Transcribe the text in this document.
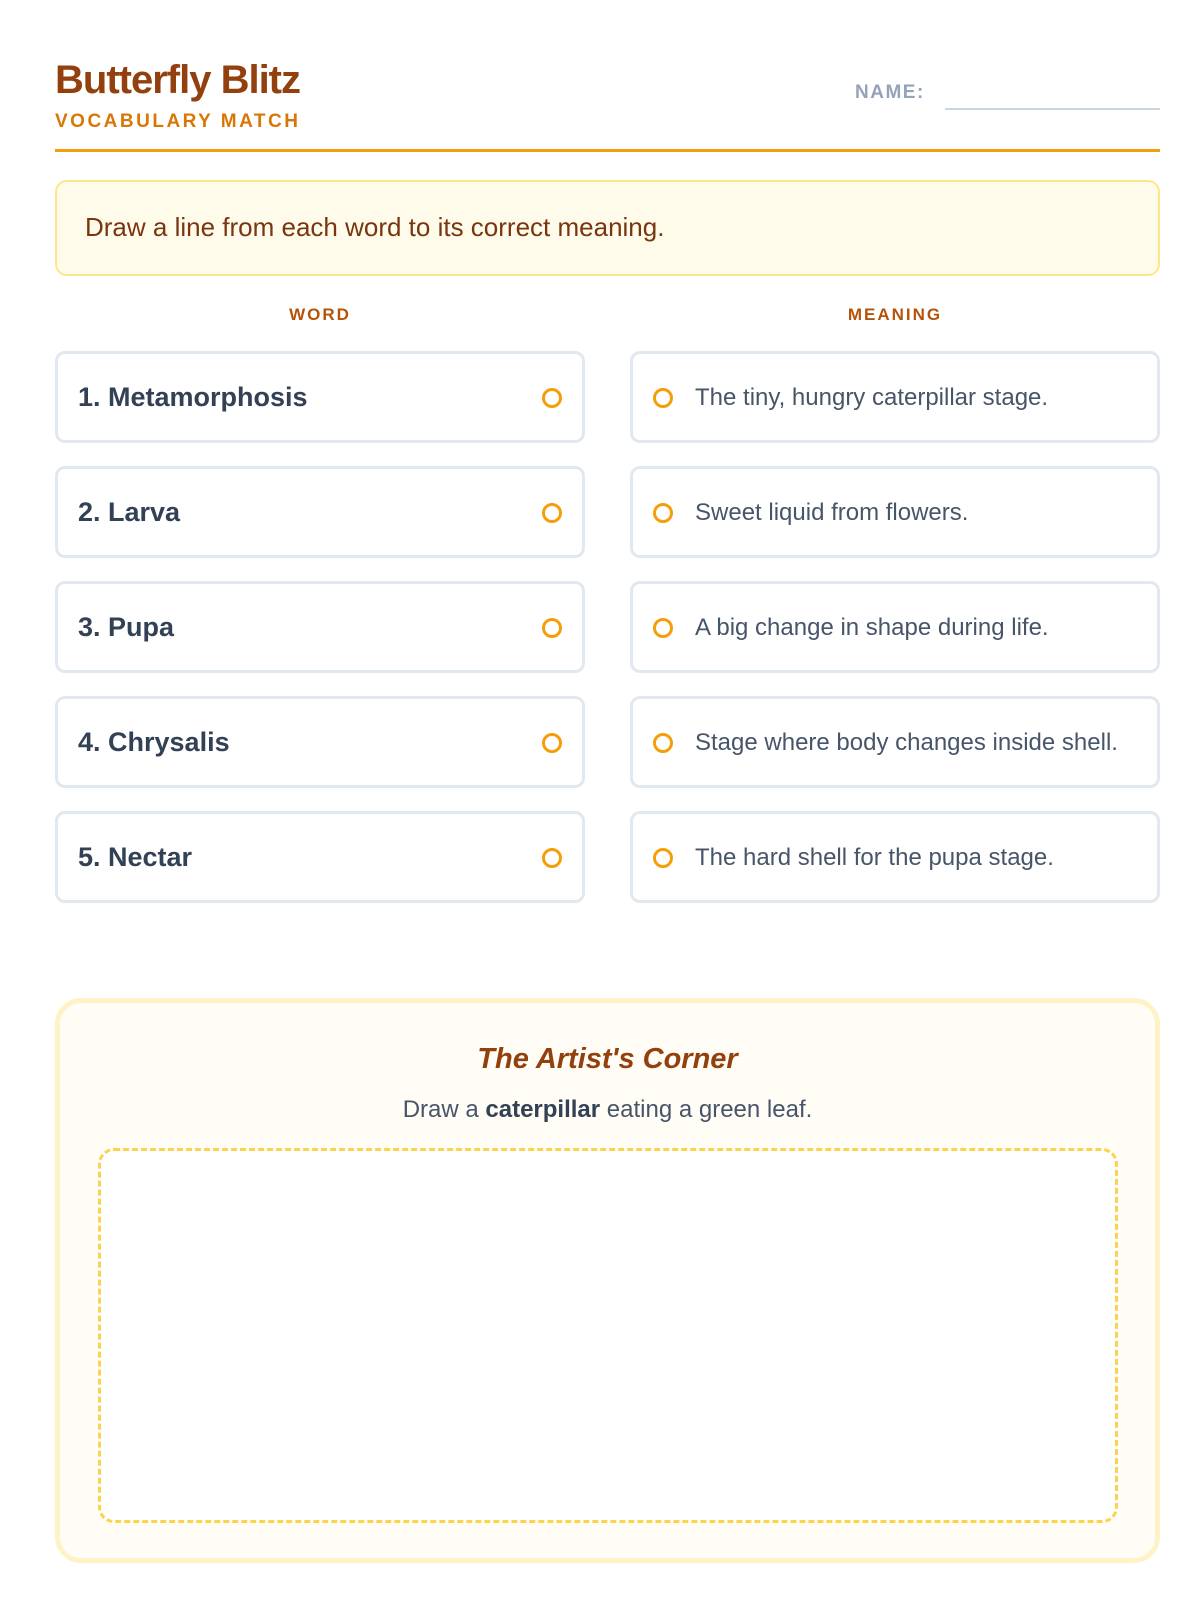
Butterfly Blitz
VOCABULARY MATCH
NAME:
Draw a line from each word to its correct meaning.
WORD	MEANING
1. Metamorphosis
2. Larva
3. Pupa
4. Chrysalis
5. Nectar
The tiny, hungry caterpillar stage.
Sweet liquid from flowers.
A big change in shape during life.
Stage where body changes inside shell.
The hard shell for the pupa stage.
The Artist's Corner
Draw a caterpillar eating a green leaf.
